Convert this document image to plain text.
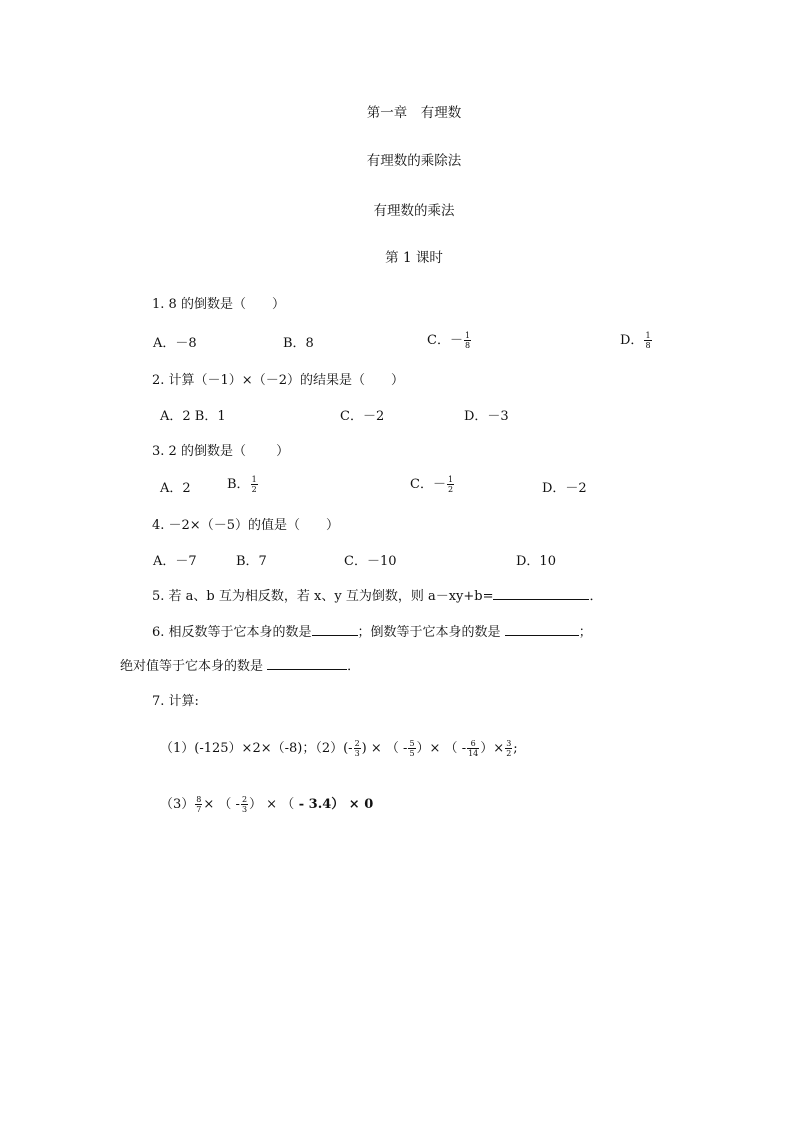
第一章　有理数
有理数的乘除法
有理数的乘法
第 1 课时
1. 8 的倒数是（　　）
A．－8	B．8	C．－ $\frac{1}{8}$	D． $\frac{1}{8}$
2. 计算（－1）×（－2）的结果是（　　）
A．2 B．1	C．－2	D．－3
3. 2 的倒数是（　　 ）
A．2	B． $\frac{1}{2}$	C．－ $\frac{1}{2}$	D．－2
4. －2×（－5）的值是（　　）
A．－7	B．7	C．－10	D．10
5. 若 a、b 互为相反数，若 x、y 互为倒数，则 a－xy+b=	．
6. 相反数等于它本身的数是	；倒数等于它本身的数是	；
绝对值等于它本身的数是	．
7. 计算:
（1）(-125）×2×（-8)；$(2)(- \frac{2}{3}$ ) × （ - $\frac{5}{5}$ ）× （ - $\frac{6}{14}$ ）× $\frac{3}{2}$ ;
$(3) \frac{8}{7}$ × （ - $\frac{2}{3}$ ） × （ - 3.4） × 0
